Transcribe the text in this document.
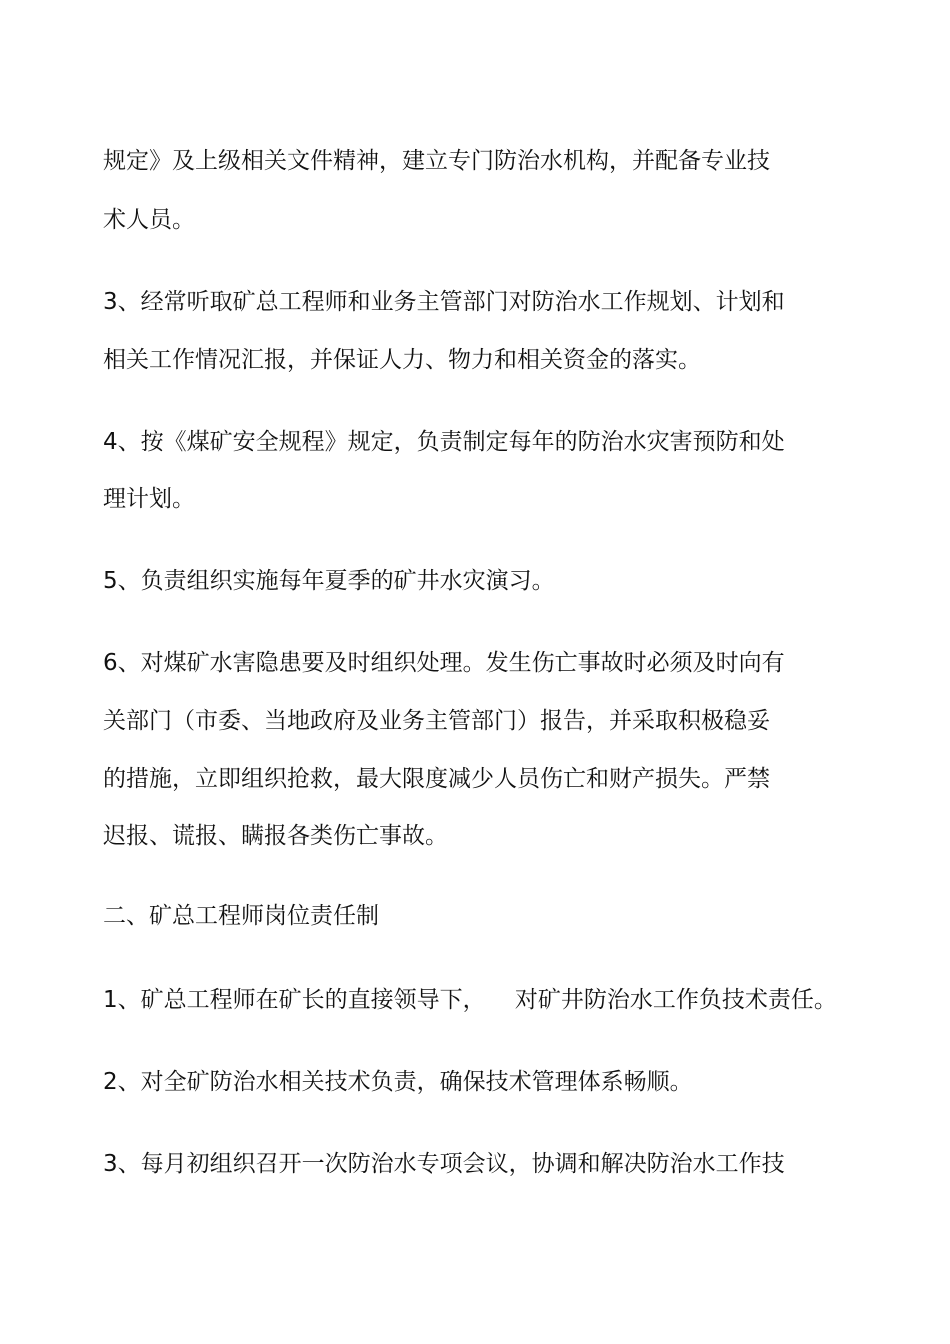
规定》及上级相关文件精神，建立专门防治水机构，并配备专业技
术人员。
3、经常听取矿总工程师和业务主管部门对防治水工作规划、计划和
相关工作情况汇报，并保证人力、物力和相关资金的落实。
4、按《煤矿安全规程》规定，负责制定每年的防治水灾害预防和处
理计划。
5、负责组织实施每年夏季的矿井水灾演习。
6、对煤矿水害隐患要及时组织处理。发生伤亡事故时必须及时向有
关部门（市委、当地政府及业务主管部门）报告，并采取积极稳妥
的措施，立即组织抢救，最大限度减少人员伤亡和财产损失。严禁
迟报、谎报、瞒报各类伤亡事故。
二、矿总工程师岗位责任制
1、矿总工程师在矿长的直接领导下，    对矿井防治水工作负技术责任。
2、对全矿防治水相关技术负责，确保技术管理体系畅顺。
3、每月初组织召开一次防治水专项会议，协调和解决防治水工作技
